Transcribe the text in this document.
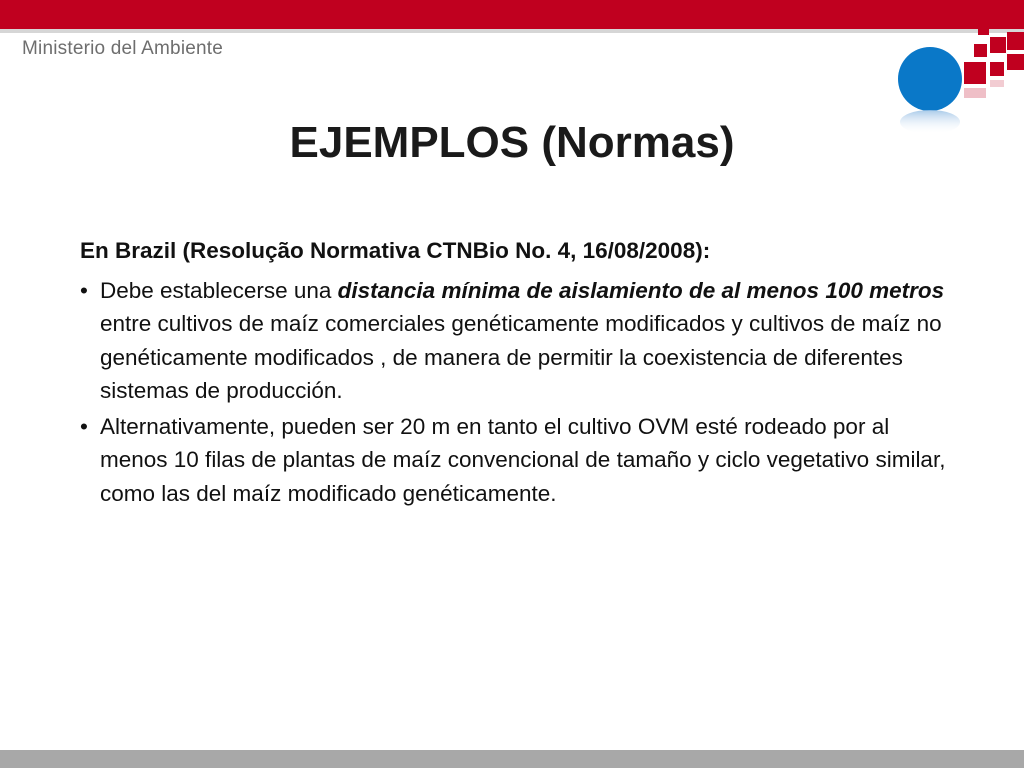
Ministerio del Ambiente
EJEMPLOS (Normas)

En Brazil (Resolução Normativa CTNBio No. 4, 16/08/2008):

• Debe establecerse una distancia mínima de aislamiento de al menos 100 metros entre cultivos de maíz comerciales genéticamente modificados y cultivos de maíz no genéticamente modificados , de manera de permitir la coexistencia de diferentes sistemas de producción.

• Alternativamente, pueden ser 20 m en tanto el cultivo OVM esté rodeado por al menos 10 filas de plantas de maíz convencional de tamaño y ciclo vegetativo similar, como las del maíz modificado genéticamente.
